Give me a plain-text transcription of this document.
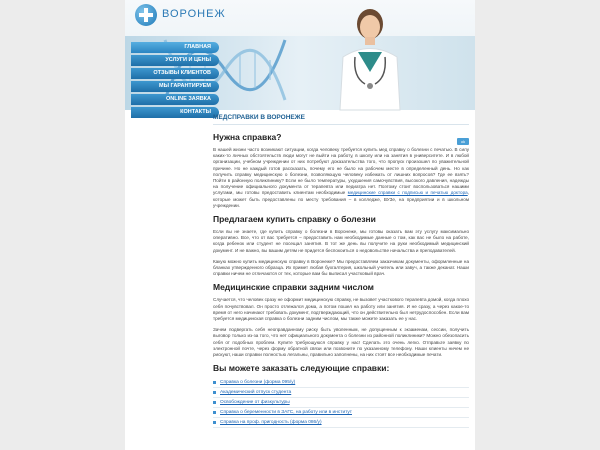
ВОРОНЕЖ
ГЛАВНАЯ
УСЛУГИ И ЦЕНЫ
ОТЗЫВЫ КЛИЕНТОВ
МЫ ГАРАНТИРУЕМ
ONLINE ЗАЯВКА
КОНТАКТЫ
МЕДСПРАВКИ В ВОРОНЕЖЕ
ok
Нужна справка?

В нашей жизни часто возникают ситуации, когда человеку требуется купить мед справку о болезни с печатью. В силу каких-то личных обстоятельств люди могут не выйти на работу, в школу или на занятия в университете. И в любой организации, учебном учреждении от них потребуют доказательства того, что пропуск произошел по уважительной причине. Но не каждый готов рассказать, почему его не было на рабочем месте в определенный день. Но как получить справку медицинскую о болезни, позволяющую человеку избежать от лишних вопросов? Где ее взять? Пойти в районную поликлинику? Если не было температуры, ухудшения самочувствия, высокого давления, надежды на получение официального документа от терапевта или педиатра нет. Поэтому стоит воспользоваться нашими услугами, мы готовы предоставить клиентам необходимые медицинские справки с подписью и печатью доктора, которые может быть предоставлены по месту требования – в колледже, ВУЗе, на предприятии и в школьном учреждении.

Предлагаем купить справку о болезни

Если вы не знаете, где купить справку о болезни в Воронеже, мы готовы оказать вам эту услугу максимально оперативно. Все, что от вас требуется – предоставить нам необходимые данные о том, как вас не было на работе, когда ребенок или студент не посещал занятия. В тот же день вы получите на руки необходимый медицинский документ. И не важно, вы вашим детям не придется беспокоиться о недовольстве начальства и преподавателей.

Какую можно купить медицинскую справку в Воронеже? Мы предоставляем заказчикам документы, оформленные на бланках утвержденного образца. Их примет любая бухгалтерия, школьный учитель или завуч, а также деканат. Наши справки ничем не отличаются от тех, которые вам бы выписал участковый врач.

Медицинские справки задним числом

Случается, что человек сразу не оформит медицинскую справку, не вызовет участкового терапевта домой, когда плохо себя почувствовал. Он просто отлежался дома, а потом пошел на работу или занятия. И не сразу, а через какое-то время от него начинают требовать документ, подтверждающий, что он действительно был нетрудоспособен. Если вам требуется медицинская справка о болезни задним числом, мы также можете заказать ее у нас.

Зачем подвергать себя неоправданному риску быть уволенным, не допущенным к экзаменам, сессии, получить выговор только из-за того, что нет официального документа о болезни из районной поликлиники? Можно обезопасить себя от подобных проблем. Купите требующуюся справку у нас! Сделать это очень легко. Отправьте заявку по электронной почте, через форму обратной связи или позвоните по указанному телефону. Наши клиенты ничем не рискуют, наши справки полностью легальны, правильно заполнены, на них стоят все необходимые печати.

Вы можете заказать следующие справки:
Справка о болезни (форма 095/у)
Академический отпуск студента
Освобождение от физкультуры
Справка о беременности в ЗАГС, на работу или в институт
Справка на проф. пригодность (форма 086/у)
